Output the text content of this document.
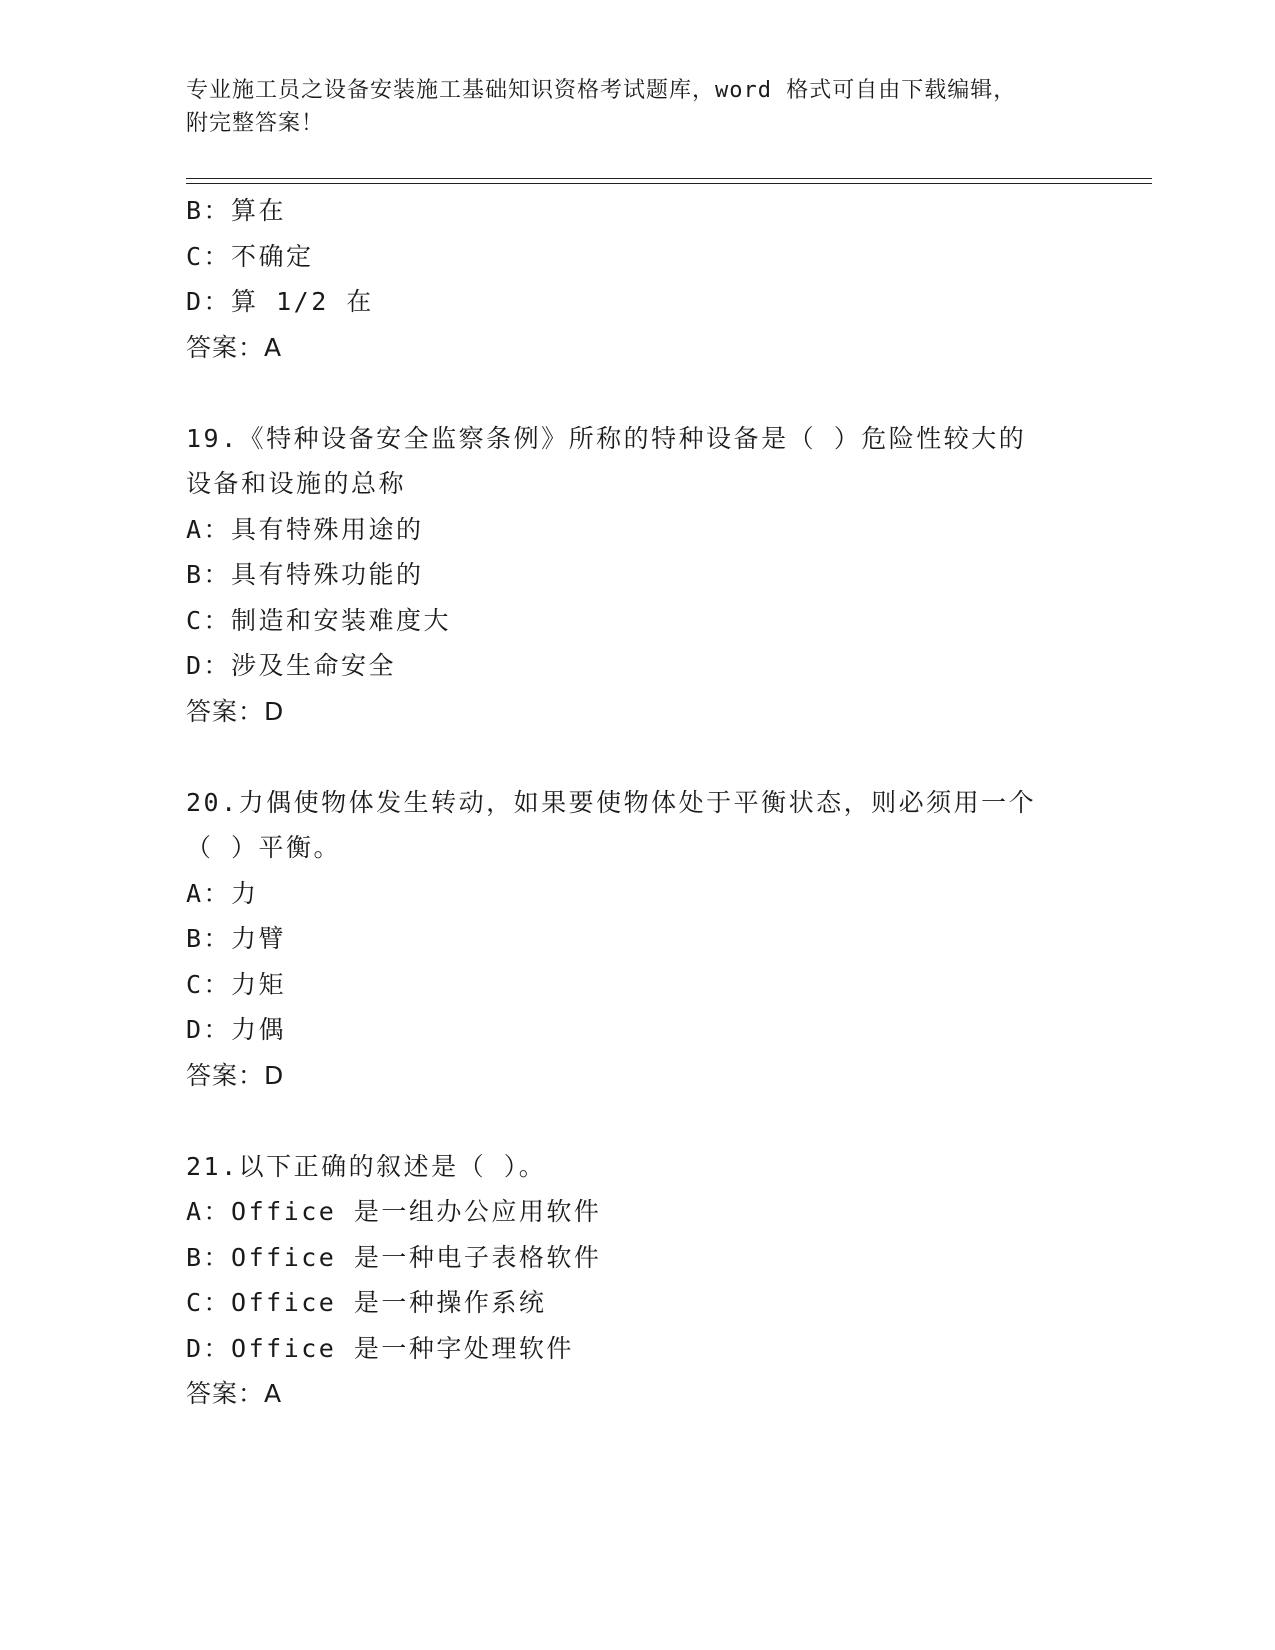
专业施工员之设备安装施工基础知识资格考试题库，word 格式可自由下载编辑，
附完整答案！
B：算在
C：不确定
D：算 1/2 在
答案：A
19.《特种设备安全监察条例》所称的特种设备是（ ）危险性较大的
设备和设施的总称
A：具有特殊用途的
B：具有特殊功能的
C：制造和安装难度大
D：涉及生命安全
答案：D
20.力偶使物体发生转动，如果要使物体处于平衡状态，则必须用一个
（ ）平衡。
A：力
B：力臂
C：力矩
D：力偶
答案：D
21.以下正确的叙述是（ ）。
A：Office 是一组办公应用软件
B：Office 是一种电子表格软件
C：Office 是一种操作系统
D：Office 是一种字处理软件
答案：A
